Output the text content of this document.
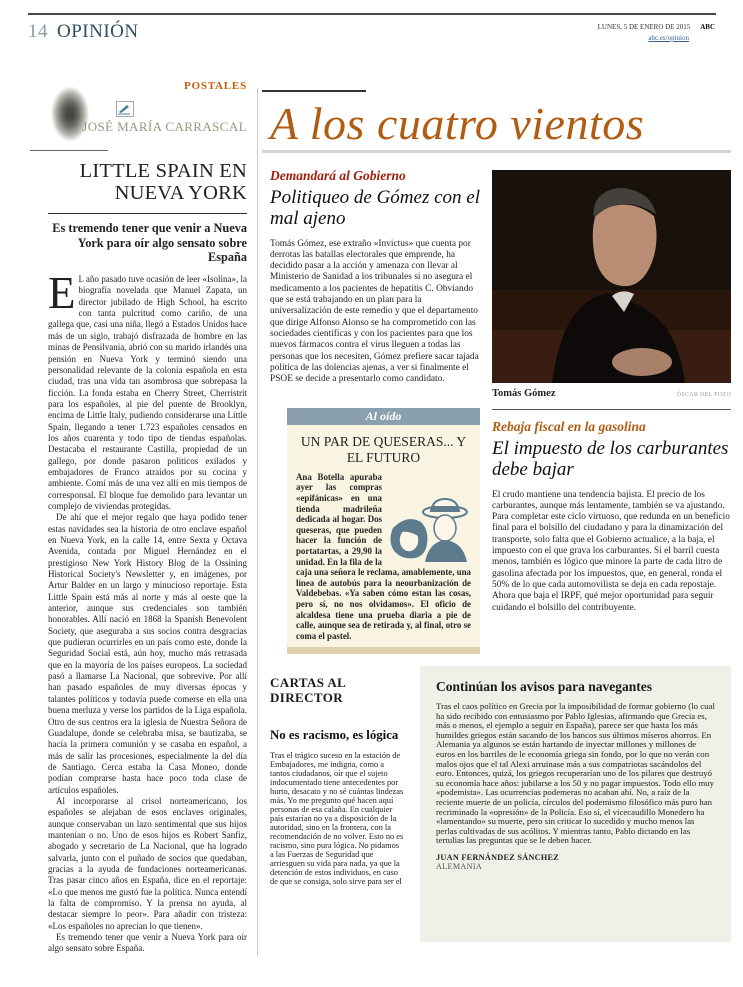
14 OPINIÓN	LUNES, 5 DE ENERO DE 2015 ABC
abc.es/opinion
POSTALES
JOSÉ MARÍA CARRASCAL
LITTLE SPAIN EN NUEVA YORK
Es tremendo tener que venir a Nueva York para oír algo sensato sobre España

E L año pasado tuve ocasión de leer «Isolina», la biografía novelada que Manuel Zapata, un director jubilado de High School, ha escrito con tanta pulcritud como cariño, de una gallega que, casi una niña, llegó a Estados Unidos hace más de un siglo, trabajó disfrazada de hombre en las minas de Pensilvania, abrió con su marido irlandés una pensión en Nueva York y terminó siendo una personalidad relevante de la colonia española en esta ciudad, tras una vida tan asombrosa que sobrepasa la ficción. La fonda estaba en Cherry Street, Cherristrit para los españoles, al pie del puente de Brooklyn, encima de Little Italy, pudiendo considerarse una Little Spain, llegando a tener 1.723 españoles censados en los años cuarenta y todo tipo de tiendas españolas. Destacaba el restaurante Castilla, propiedad de un gallego, por donde pasaron políticos exilados y embajadores de Franco atraídos por su cocina y ambiente. Comí más de una vez allí en mis tiempos de corresponsal. El bloque fue demolido para levantar un complejo de viviendas protegidas.

De ahí que el mejor regalo que haya podido tener estas navidades sea la historia de otro enclave español en Nueva York, en la calle 14, entre Sexta y Octava Avenida, contada por Miguel Hernández en el prestigioso New York History Blog de la Ossining Historical Society's Newsletter y, en imágenes, por Artur Balder en un largo y minucioso reportaje. Esta Little Spain está más al norte y más al oeste que la anterior, aunque sus credenciales son también honorables. Allí nació en 1868 la Spanish Benevolent Society, que aseguraba a sus socios contra desgracias que pudieran ocurrirles en un país como este, donde la Seguridad Social está, aún hoy, mucho más retrasada que en la mayoría de los países europeos. La sociedad pasó a llamarse La Nacional, que sobrevive. Por allí han pasado españoles de muy diversas épocas y talantes políticos y todavía puede comerse en ella una buena merluza y verse los partidos de la Liga española. Otro de sus centros era la iglesia de Nuestra Señora de Guadalupe, donde se celebraba misa, se bautizaba, se hacía la primera comunión y se casaba en español, a más de salir las procesiones, especialmente la del día de Santiago. Cerca estaba la Casa Moneo, donde podían comprarse hasta hace poco toda clase de artículos españoles.

Al incorporarse al crisol norteamericano, los españoles se alejaban de esos enclaves originales, aunque conservaban un lazo sentimental que sus hijos mantenían o no. Uno de esos hijos es Robert Sanfiz, abogado y secretario de La Nacional, que ha logrado salvarla, junto con el puñado de socios que quedaban, gracias a la ayuda de fundaciones norteamericanas. Tras pasar cinco años en España, dice en el reportaje: «Lo que menos me gustó fue la política. Nunca entendí la falta de compromiso. Y la prensa no ayuda, al destacar siempre lo peor». Para añadir con tristeza: «Los españoles no aprecian lo que tienen».

Es tremendo tener que venir a Nueva York para oír algo sensato sobre España.

A los cuatro vientos
Demandará al Gobierno
Politiqueo de Gómez con el mal ajeno
Tomás Gómez, ese extraño «Invictus» que cuenta por derrotas las batallas electorales que emprende, ha decidido pasar a la acción y amenaza con llevar al Ministerio de Sanidad a los tribunales si no asegura el medicamento a los pacientes de hepatitis C. Obviando que se está trabajando en un plan para la universalización de este remedio y que el departamento que dirige Alfonso Alonso se ha comprometido con las sociedades científicas y con los pacientes para que los nuevos fármacos contra el virus lleguen a todas las personas que los necesiten, Gómez prefiere sacar tajada política de las dolencias ajenas, a ver si finalmente el PSOE se decide a presentarlo como candidato.
Tomás Gómez	ÓSCAR DEL POZO
Rebaja fiscal en la gasolina
El impuesto de los carburantes debe bajar
El crudo mantiene una tendencia bajista. El precio de los carburantes, aunque más lentamente, también se va ajustando. Para completar este ciclo virtuoso, que redunda en un beneficio final para el bolsillo del ciudadano y para la dinamización del transporte, solo falta que el Gobierno actualice, a la baja, el impuesto con el que grava los carburantes. Si el barril cuesta menos, también es lógico que minore la parte de cada litro de gasolina afectada por los impuestos, que, en general, ronda el 50% de lo que cada automovilista se deja en cada repostaje. Ahora que baja el IRPF, qué mejor oportunidad para seguir cuidando el bolsillo del contribuyente.
Al oído
UN PAR DE QUESERAS... Y EL FUTURO
Ana Botella apuraba ayer las compras «epifánicas» en una tienda madrileña dedicada al hogar. Dos queseras, que pueden hacer la función de portatartas, a 29,90 la unidad. En la fila de la caja una señora le reclama, amablemente, una línea de autobús para la neourbanización de Valdebebas. «Ya saben cómo estan las cosas, pero sí, no nos olvidamos». El oficio de alcaldesa tiene una prueba diaria a pie de calle, aunque sea de retirada y, al final, otro se coma el pastel.
CARTAS AL DIRECTOR
No es racismo, es lógica
Tras el trágico suceso en la estación de Embajadores, me indigna, como a tantos ciudadanos, oír que el sujeto indocumentado tiene antecedentes por hurto, desacato y no sé cuántas lindezas más. Yo me pregunto qué hacen aquí personas de esa calaña. En cualquier país estarían no ya a disposición de la autoridad, sino en la frontera, con la recomendación de no volver. Esto no es racismo, sino pura lógica. No pidamos a las Fuerzas de Seguridad que arriesguen su vida para nada, ya que la detención de estos individuos, en caso de que se consiga, solo sirve para ser el
Continúan los avisos para navegantes
Tras el caos político en Grecia por la imposibilidad de formar gobierno (lo cual ha sido recibido con entusiasmo por Pablo Iglesias, afirmando que Grecia es, más o menos, el ejemplo a seguir en España), parece ser que hasta los más humildes griegos están sacando de los bancos sus últimos míseros ahorros. En Alemania ya algunos se están hartando de inyectar millones y millones de euros en los barriles de le economía griega sin fondo, por lo que no verán con malos ojos que el tal Alexi arruinase más a sus compatriotas sacándolos del euro. Entonces, quizá, los griegos recuperarían uno de los pilares que destruyó su economía hace años: jubilarse a los 50 y no pagar impuestos. Todo ello muy «podemista». Las ocurrencias podemeras no acaban ahí. No, a raíz de la reciente muerte de un policía, círculos del podemismo filosófico más puro han recriminado la «opresión» de la Policía. Eso sí, el vicecaudillo Monedero ha «lamentando» su muerte, pero sin criticar lo sucedido y mucho menos las perlas cultivadas de sus acólitos. Y mientras tanto, Pablo dictando en las tertulias las preguntas que se le deben hacer.
JUAN FERNÁNDEZ SÁNCHEZ
ALEMANIA
